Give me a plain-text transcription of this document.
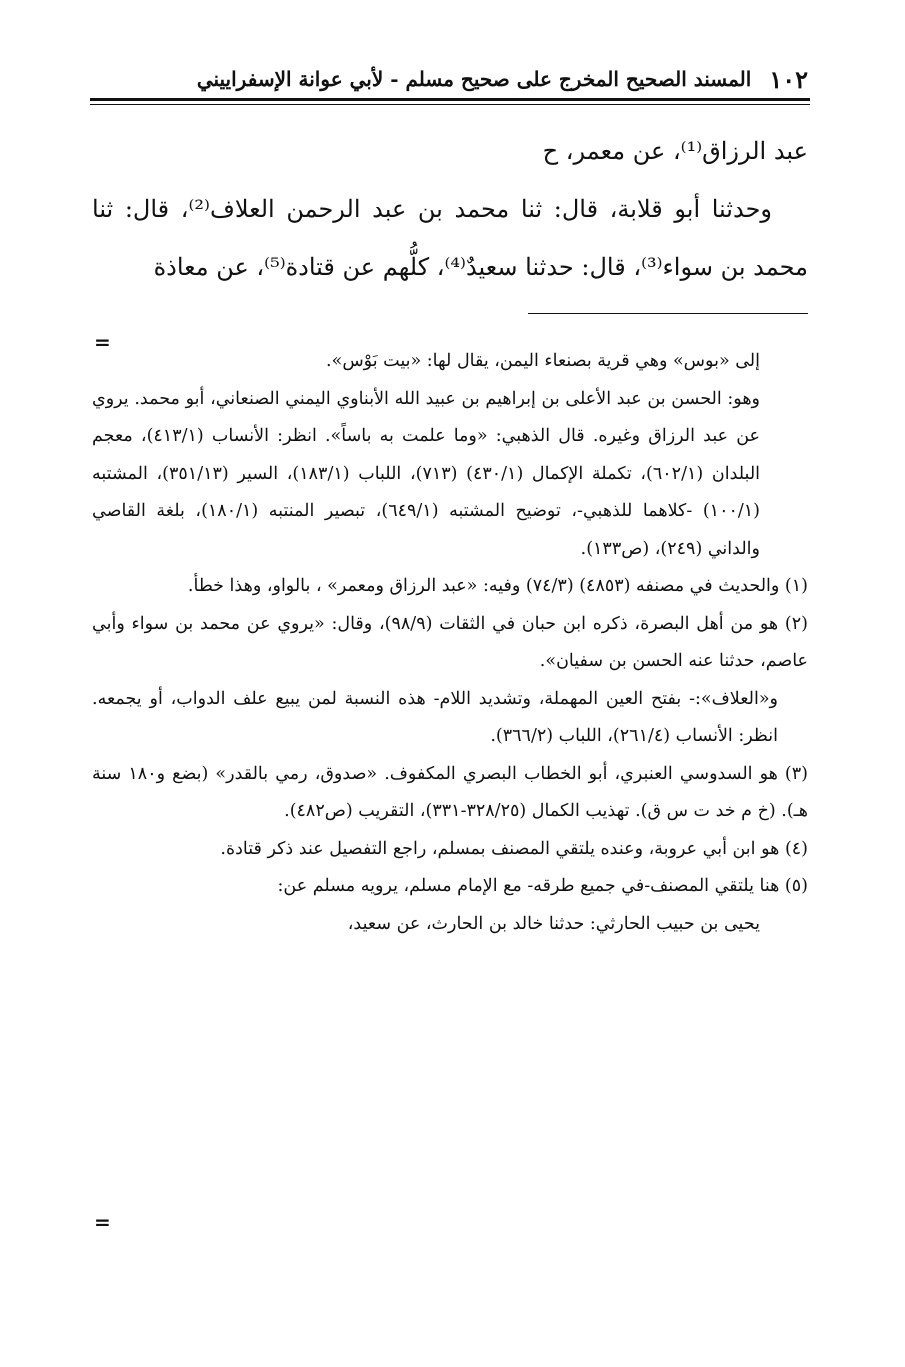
١٠٢
المسند الصحيح المخرج على صحيح مسلم - لأبي عوانة الإسفراييني

عبد الرزاق⁽¹⁾، عن معمر، ح

وحدثنا أبو قلابة، قال: ثنا محمد بن عبد الرحمن العلاف⁽²⁾، قال: ثنا محمد بن سواء⁽³⁾، قال: حدثنا سعيدٌ⁽⁴⁾، كلُّهم عن قتادة⁽⁵⁾، عن معاذة

=

إلى «بوس» وهي قرية بصنعاء اليمن، يقال لها: «بيت بَوْس».

وهو: الحسن بن عبد الأعلى بن إبراهيم بن عبيد الله الأبناوي اليمني الصنعاني، أبو محمد. يروي عن عبد الرزاق وغيره. قال الذهبي: «وما علمت به باساً». انظر: الأنساب (٤١٣/١)، معجم البلدان (٦٠٢/١)، تكملة الإكمال (٤٣٠/١) (٧١٣)، اللباب (١٨٣/١)، السير (٣٥١/١٣)، المشتبه (١٠٠/١) -كلاهما للذهبي-، توضيح المشتبه (٦٤٩/١)، تبصير المنتبه (١٨٠/١)، بلغة القاصي والداني (٢٤٩)، (ص١٣٣).

(١) والحديث في مصنفه (٤٨٥٣) (٧٤/٣) وفيه: «عبد الرزاق ومعمر» ، بالواو، وهذا خطأ.

(٢) هو من أهل البصرة، ذكره ابن حبان في الثقات (٩٨/٩)، وقال: «يروي عن محمد بن سواء وأبي عاصم، حدثنا عنه الحسن بن سفيان».

و«العلاف»:- بفتح العين المهملة، وتشديد اللام- هذه النسبة لمن يبيع علف الدواب، أو يجمعه. انظر: الأنساب (٢٦١/٤)، اللباب (٣٦٦/٢).

(٣) هو السدوسي العنبري، أبو الخطاب البصري المكفوف. «صدوق، رمي بالقدر» (بضع و١٨٠ سنة هـ). (خ م خد ت س ق). تهذيب الكمال (٣٢٨/٢٥-٣٣١)، التقريب (ص٤٨٢).

(٤) هو ابن أبي عروبة، وعنده يلتقي المصنف بمسلم، راجع التفصيل عند ذكر قتادة.

(٥) هنا يلتقي المصنف-في جميع طرقه- مع الإمام مسلم، يرويه مسلم عن:

يحيى بن حبيب الحارثي: حدثنا خالد بن الحارث، عن سعيد،

=
